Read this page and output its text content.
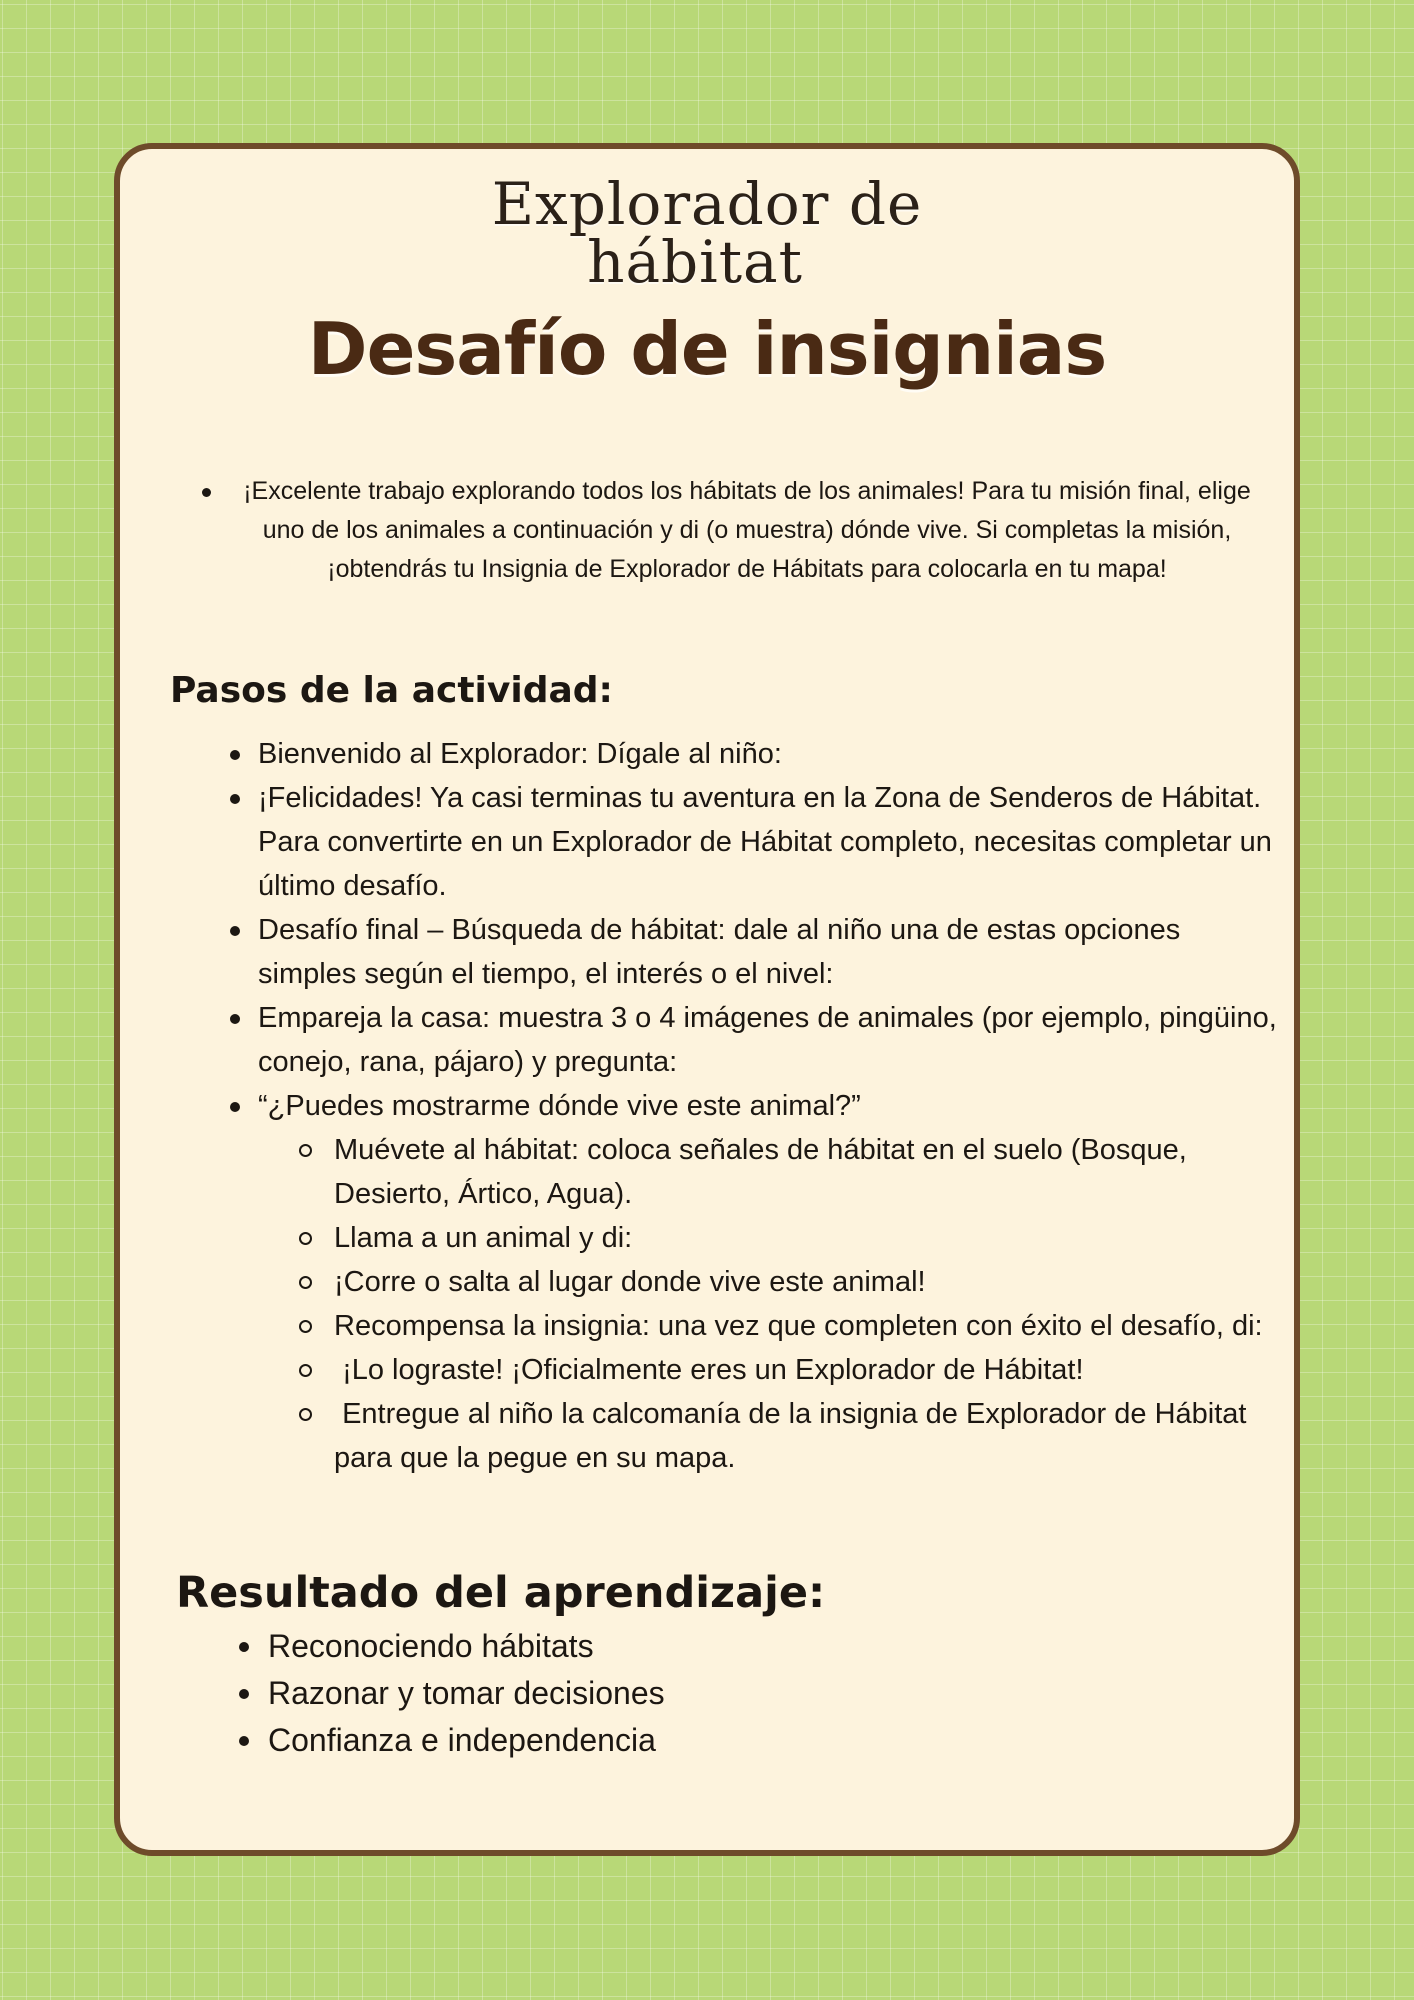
Explorador de
hábitat
Desafío de insignias
¡Excelente trabajo explorando todos los hábitats de los animales! Para tu misión final, elige uno de los animales a continuación y di (o muestra) dónde vive. Si completas la misión, ¡obtendrás tu Insignia de Explorador de Hábitats para colocarla en tu mapa!
Pasos de la actividad:
Bienvenido al Explorador: Dígale al niño:
¡Felicidades! Ya casi terminas tu aventura en la Zona de Senderos de Hábitat. Para convertirte en un Explorador de Hábitat completo, necesitas completar un último desafío.
Desafío final – Búsqueda de hábitat: dale al niño una de estas opciones simples según el tiempo, el interés o el nivel:
Empareja la casa: muestra 3 o 4 imágenes de animales (por ejemplo, pingüino, conejo, rana, pájaro) y pregunta:
“¿Puedes mostrarme dónde vive este animal?”
Muévete al hábitat: coloca señales de hábitat en el suelo (Bosque, Desierto, Ártico, Agua).
Llama a un animal y di:
¡Corre o salta al lugar donde vive este animal!
Recompensa la insignia: una vez que completen con éxito el desafío, di:
¡Lo lograste! ¡Oficialmente eres un Explorador de Hábitat!
Entregue al niño la calcomanía de la insignia de Explorador de Hábitat para que la pegue en su mapa.
Resultado del aprendizaje:
Reconociendo hábitats
Razonar y tomar decisiones
Confianza e independencia
